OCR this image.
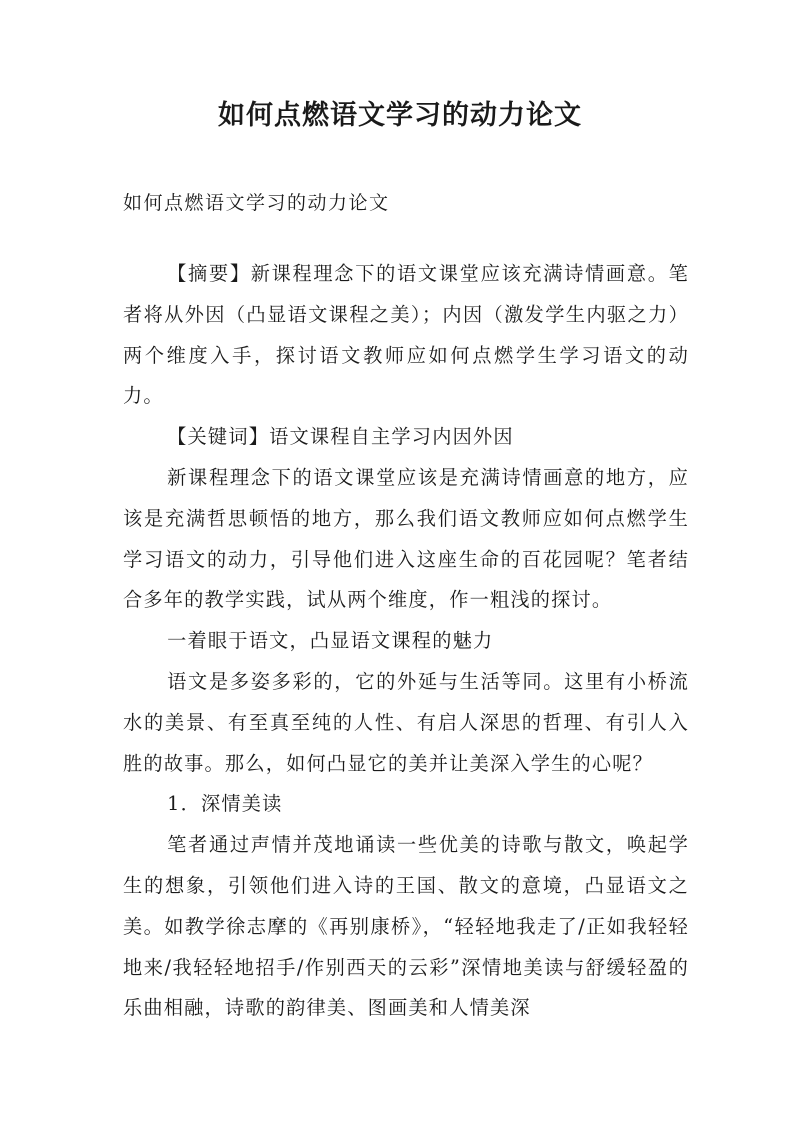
如何点燃语文学习的动力论文

如何点燃语文学习的动力论文

【摘要】新课程理念下的语文课堂应该充满诗情画意。笔者将从外因（凸显语文课程之美）；内因（激发学生内驱之力）两个维度入手，探讨语文教师应如何点燃学生学习语文的动力。

【关键词】语文课程自主学习内因外因

新课程理念下的语文课堂应该是充满诗情画意的地方，应该是充满哲思顿悟的地方，那么我们语文教师应如何点燃学生学习语文的动力，引导他们进入这座生命的百花园呢？笔者结合多年的教学实践，试从两个维度，作一粗浅的探讨。

一着眼于语文，凸显语文课程的魅力

语文是多姿多彩的，它的外延与生活等同。这里有小桥流水的美景、有至真至纯的人性、有启人深思的哲理、有引人入胜的故事。那么，如何凸显它的美并让美深入学生的心呢？

1．深情美读

笔者通过声情并茂地诵读一些优美的诗歌与散文，唤起学生的想象，引领他们进入诗的王国、散文的意境，凸显语文之美。如教学徐志摩的《再别康桥》，“轻轻地我走了/正如我轻轻地来/我轻轻地招手/作别西天的云彩”深情地美读与舒缓轻盈的乐曲相融，诗歌的韵律美、图画美和人情美深
